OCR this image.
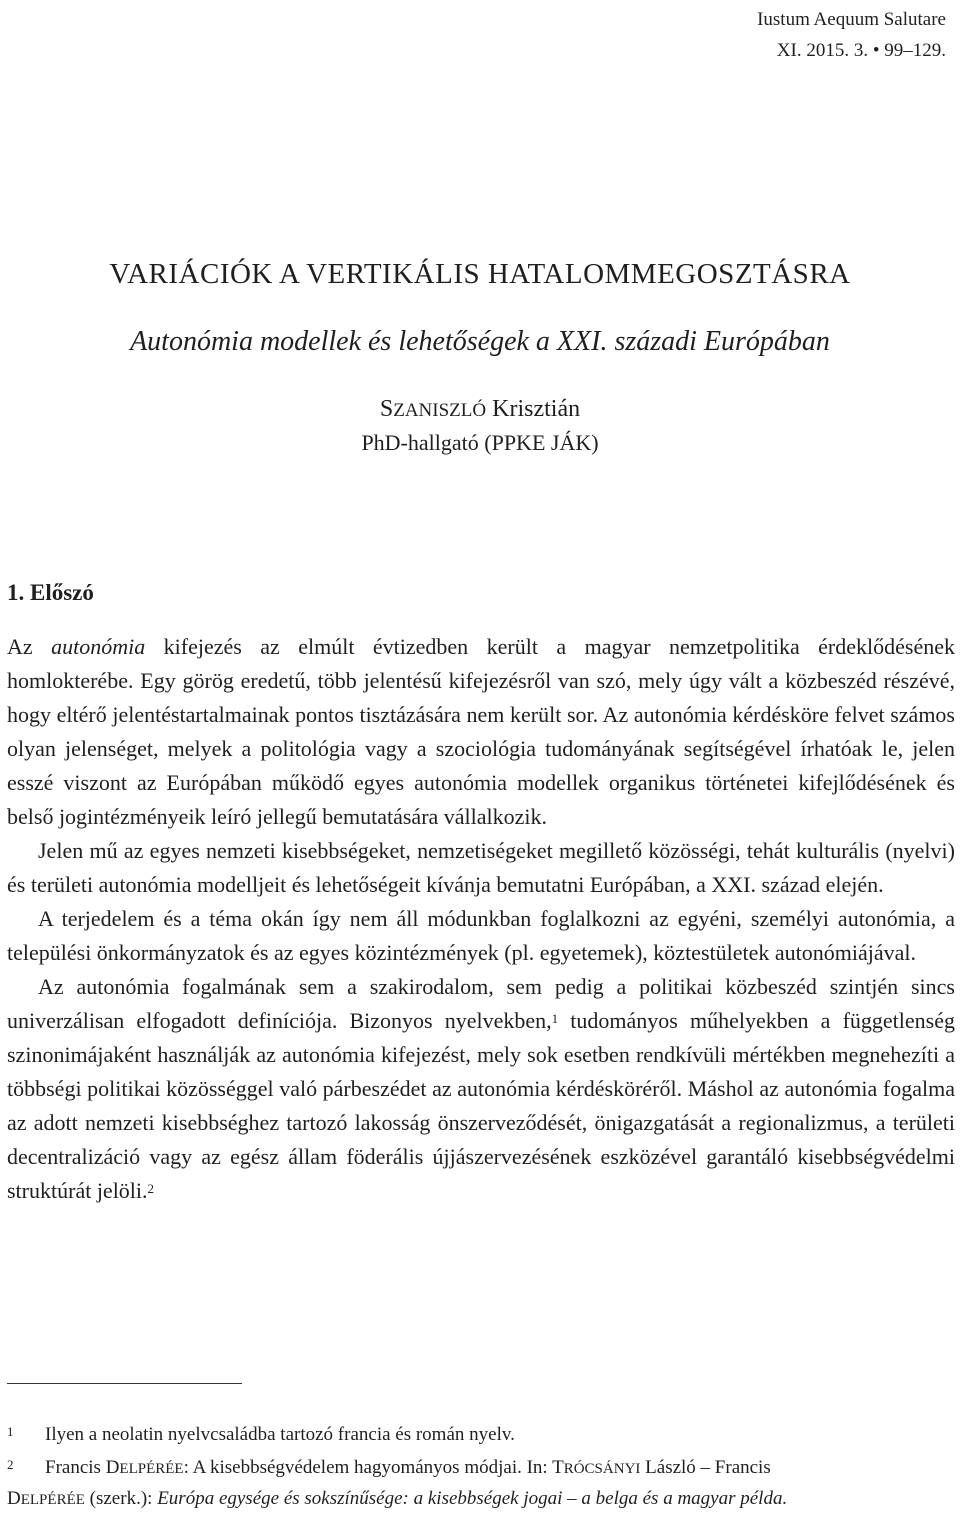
Iustum Aequum Salutare
XI. 2015. 3. • 99–129.
VARIÁCIÓK A VERTIKÁLIS HATALOMMEGOSZTÁSRA
Autonómia modellek és lehetőségek a XXI. századi Európában
SZANISZLÓ Krisztián
PhD-hallgató (PPKE JÁK)
1. Előszó

Az autonómia kifejezés az elmúlt évtizedben került a magyar nemzetpolitika érdeklődésének homlokterébe. Egy görög eredetű, több jelentésű kifejezésről van szó, mely úgy vált a közbeszéd részévé, hogy eltérő jelentéstartalmainak pontos tisztázására nem került sor. Az autonómia kérdésköre felvet számos olyan jelenséget, melyek a politológia vagy a szociológia tudományának segítségével írhatóak le, jelen esszé viszont az Európában működő egyes autonómia modellek organikus történetei kifejlődésének és belső jogintézményeik leíró jellegű bemutatására vállalkozik.

Jelen mű az egyes nemzeti kisebbségeket, nemzetiségeket megillető közösségi, tehát kulturális (nyelvi) és területi autonómia modelljeit és lehetőségeit kívánja bemutatni Európában, a XXI. század elején.

A terjedelem és a téma okán így nem áll módunkban foglalkozni az egyéni, személyi autonómia, a települési önkormányzatok és az egyes közintézmények (pl. egyetemek), köztestületek autonómiájával.

Az autonómia fogalmának sem a szakirodalom, sem pedig a politikai közbeszéd szintjén sincs univerzálisan elfogadott definíciója. Bizonyos nyelvekben,$^1$ tudományos műhelyekben a függetlenség szinonimájaként használják az autonómia kifejezést, mely sok esetben rendkívüli mértékben megnehezíti a többségi politikai közösséggel való párbeszédet az autonómia kérdésköréről. Máshol az autonómia fogalma az adott nemzeti kisebbséghez tartozó lakosság önszerveződését, önigazgatását a regionalizmus, a területi decentralizáció vagy az egész állam föderális újjászervezésének eszközével garantáló kisebbségvédelmi struktúrát jelöli.$^2$

1	Ilyen a neolatin nyelvcsaládba tartozó francia és román nyelv.
2	Francis DELPÉRÉE: A kisebbségvédelem hagyományos módjai. In: TRÓCSÁNYI László – Francis
DELPÉRÉE (szerk.): Európa egysége és sokszínűsége: a kisebbségek jogai – a belga és a magyar példa.
